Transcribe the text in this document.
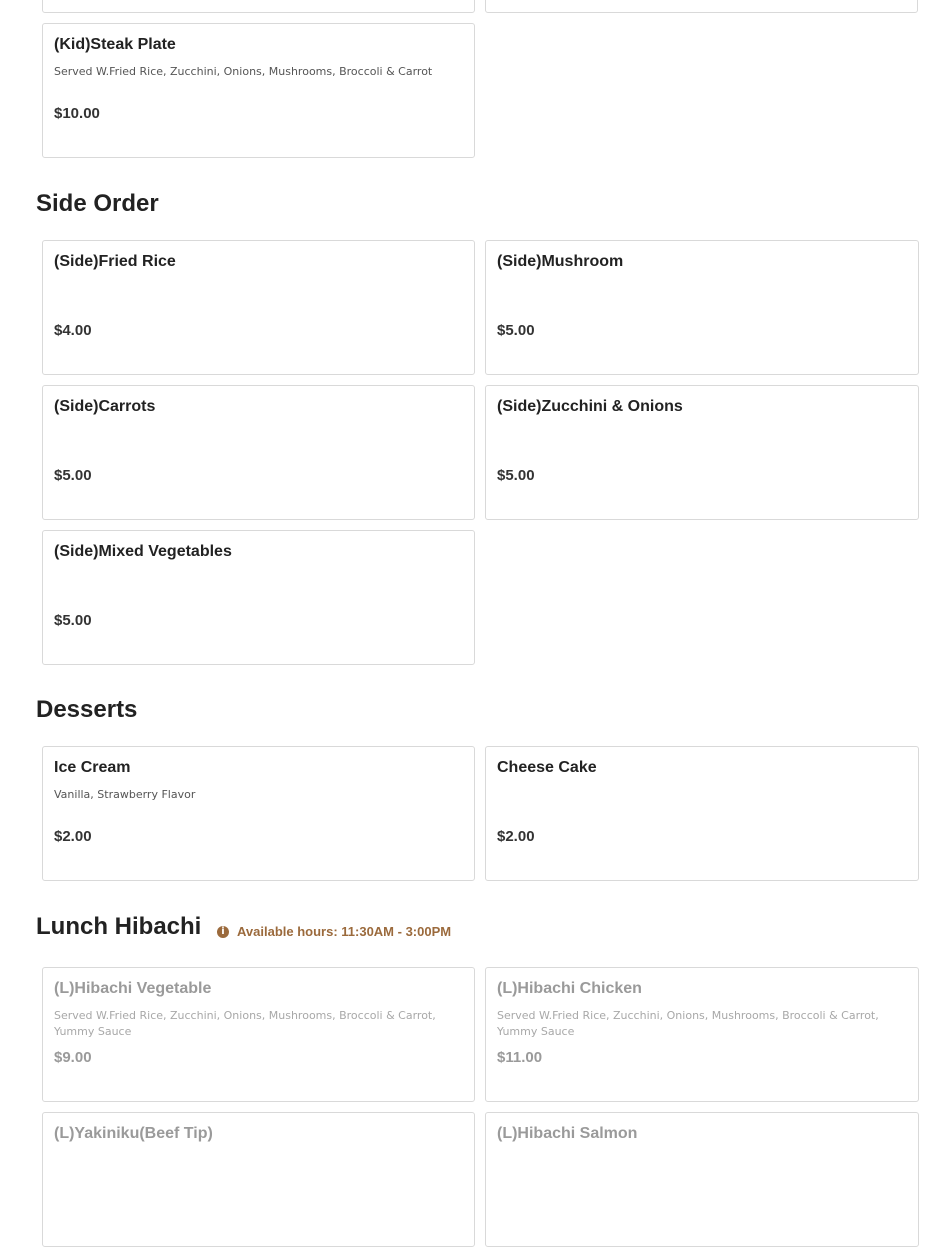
(Kid)Steak Plate
Served W.Fried Rice, Zucchini, Onions, Mushrooms, Broccoli & Carrot
$10.00
Side Order
(Side)Fried Rice
$4.00
(Side)Mushroom
$5.00
(Side)Carrots
$5.00
(Side)Zucchini & Onions
$5.00
(Side)Mixed Vegetables
$5.00
Desserts
Ice Cream
Vanilla, Strawberry Flavor
$2.00
Cheese Cake
$2.00
Lunch Hibachi	i Available hours: 11:30AM - 3:00PM
(L)Hibachi Vegetable
Served W.Fried Rice, Zucchini, Onions, Mushrooms, Broccoli & Carrot, Yummy Sauce
$9.00
(L)Hibachi Chicken
Served W.Fried Rice, Zucchini, Onions, Mushrooms, Broccoli & Carrot, Yummy Sauce
$11.00
(L)Yakiniku(Beef Tip)	(L)Hibachi Salmon
